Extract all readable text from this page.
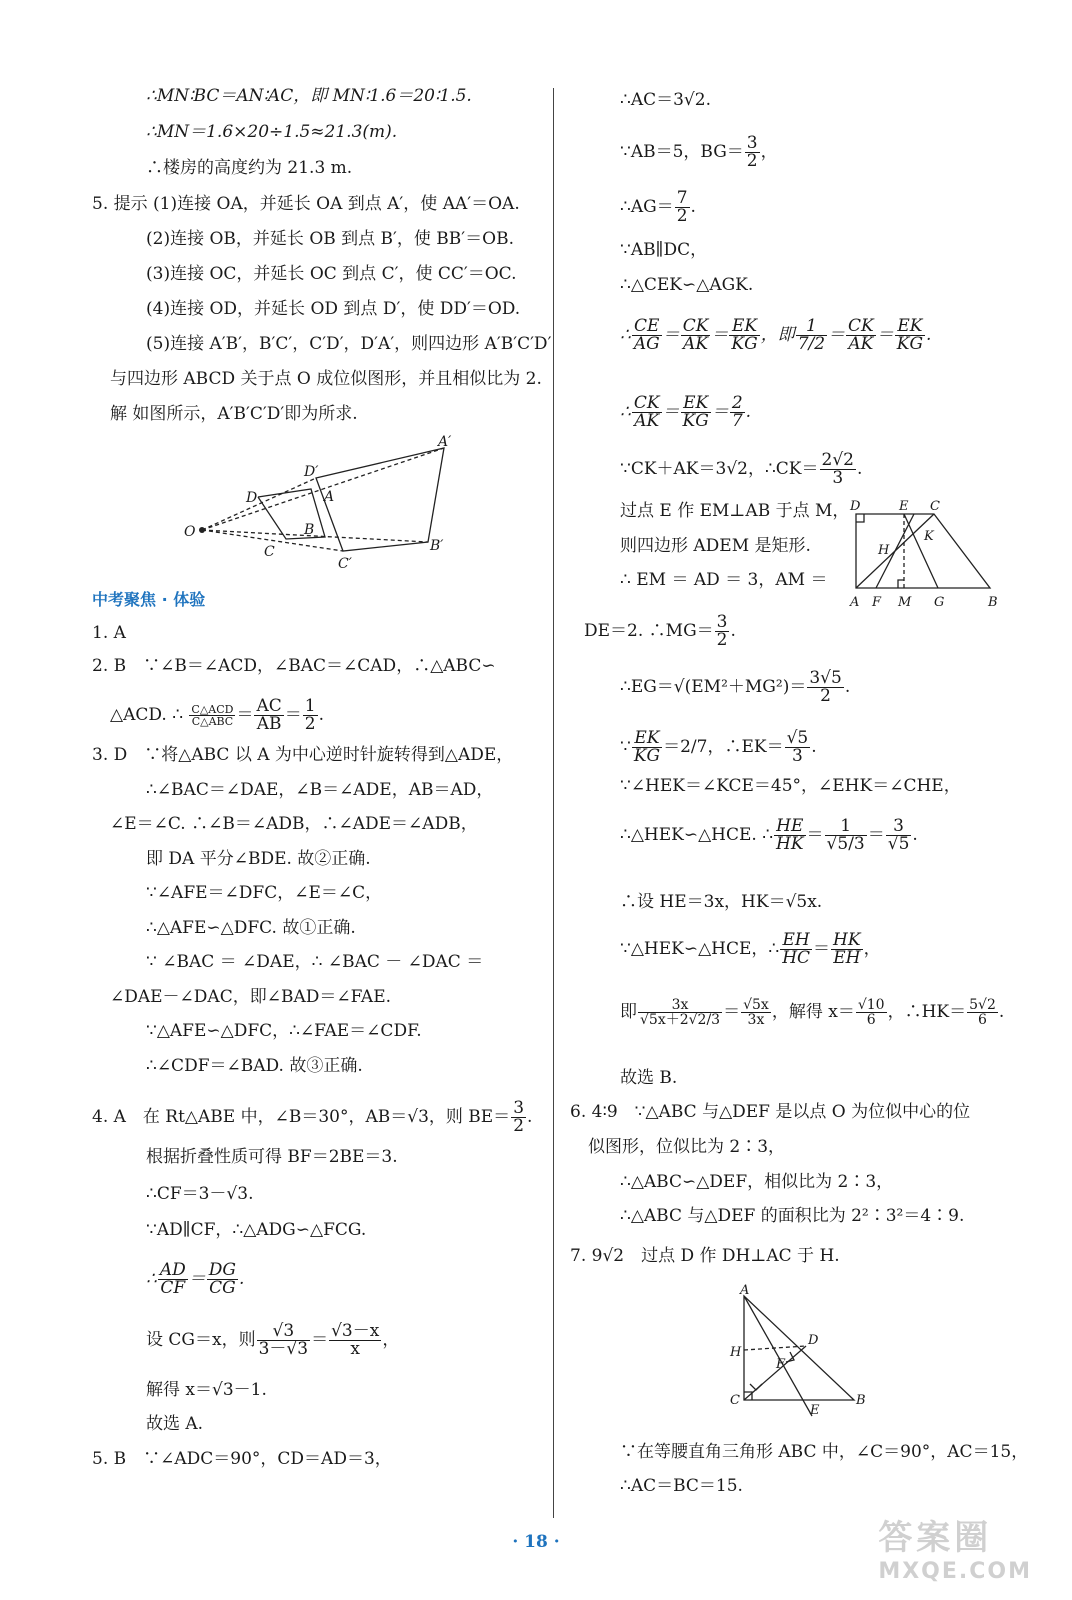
∴MN∶BC＝AN∶AC，即 MN∶1.6＝20∶1.5.
∴MN＝1.6×20÷1.5≈21.3(m).
∴楼房的高度约为 21.3 m.
5. 提示 (1)连接 OA，并延长 OA 到点 A′，使 AA′＝OA.
(2)连接 OB，并延长 OB 到点 B′，使 BB′＝OB.
(3)连接 OC，并延长 OC 到点 C′，使 CC′＝OC.
(4)连接 OD，并延长 OD 到点 D′，使 DD′＝OD.
(5)连接 A′B′，B′C′，C′D′，D′A′，则四边形 A′B′C′D′
与四边形 ABCD 关于点 O 成位似图形，并且相似比为 2.
解 如图所示，A′B′C′D′即为所求.
A′
D′
D	A
B
O
C	B′
C′
中考聚焦 · 体验
1. A
2. B　∵∠B＝∠ACD，∠BAC＝∠CAD，∴△ABC∽
△ACD. ∴ $\frac{\text{C△ACD}}{\text{C△ABC}} = \frac{AC}{AB} = \frac{1}{2}$ .
3. D　∵将△ABC 以 A 为中心逆时针旋转得到△ADE，
∴∠BAC＝∠DAE，∠B＝∠ADE，AB＝AD，
∠E＝∠C. ∴∠B＝∠ADB，∴∠ADE＝∠ADB，
即 DA 平分∠BDE. 故②正确.
∵∠AFE＝∠DFC，∠E＝∠C，
∴△AFE∽△DFC. 故①正确.
∵ ∠BAC ＝ ∠DAE，∴ ∠BAC － ∠DAC ＝
∠DAE－∠DAC，即∠BAD＝∠FAE.
∵△AFE∽△DFC，∴∠FAE＝∠CDF.
∴∠CDF＝∠BAD. 故③正确.
4. A　在 Rt△ABE 中，∠B＝30°，AB＝√3，则 $BE= \frac{3}{2}$ .
根据折叠性质可得 BF＝2BE＝3.
∴CF＝3－√3.
∵AD∥CF，∴△ADG∽△FCG.
∴ $\frac{AD}{CF} = \frac{DG}{CG}$ .
设 CG＝x，则 $\frac{√3}{3-√3} = \frac{√3-x}{x}$ ，
解得 x＝√3－1.
故选 A.
5. B　∵∠ADC＝90°，CD＝AD＝3，
∴AC＝3√2.
∵AB＝5，$BG= \frac{3}{2}$ ，
∴AG＝ $\frac{7}{2}$ .
∵AB∥DC，
∴△CEK∽△AGK.
∴ $\frac{CE}{AG} = \frac{CK}{AK} = \frac{EK}{KG}$ ，即 $\frac{1}{7/2} = \frac{CK}{AK} = \frac{EK}{KG}$ .
∴ $\frac{CK}{AK} = \frac{EK}{KG} = \frac{2}{7}$ .
∵CK＋AK＝3√2，∴CK＝ $\frac{2√2}{3}$ .
过点 E 作 EM⊥AB 于点 M，
则四边形 ADEM 是矩形.
∴ EM ＝ AD ＝ 3，AM ＝
D	E C
K
H
A F M G	B
DE＝2. ∴MG＝ $\frac{3}{2}$ .
∴EG＝√(EM²＋MG²)＝ $\frac{3√5}{2}$ .
∵ $\frac{EK}{KG} =2/7$，∴EK＝ $\frac{√5}{3}$ .
∵∠HEK＝∠KCE＝45°，∠EHK＝∠CHE，
∴△HEK∽△HCE. ∴ $\frac{HE}{HK} = \frac{1}{√5/3} = \frac{3}{√5}$ .
∴设 HE＝3x，HK＝√5x.
∵△HEK∽△HCE，∴ $\frac{EH}{HC} = \frac{HK}{EH}$ ，
即 $\frac{3x}{√5x+2√2/3} = \frac{√5x}{3x}$ ，解得 $x= \frac{√10}{6}$ ，∴HK＝ $\frac{5√2}{6}$ .
故选 B.
6. 4∶9　∵△ABC 与△DEF 是以点 O 为位似中心的位
似图形，位似比为 2∶3，
∴△ABC∽△DEF，相似比为 2∶3，
∴△ABC 与△DEF 的面积比为 2²∶3²＝4∶9.
7. 9√2　过点 D 作 DH⊥AC 于 H.
A
D
H
F
C
E
B
∵在等腰直角三角形 ABC 中，∠C＝90°，AC＝15，
∴AC＝BC＝15.
· 18 ·	答案圈
MXQE.COM
